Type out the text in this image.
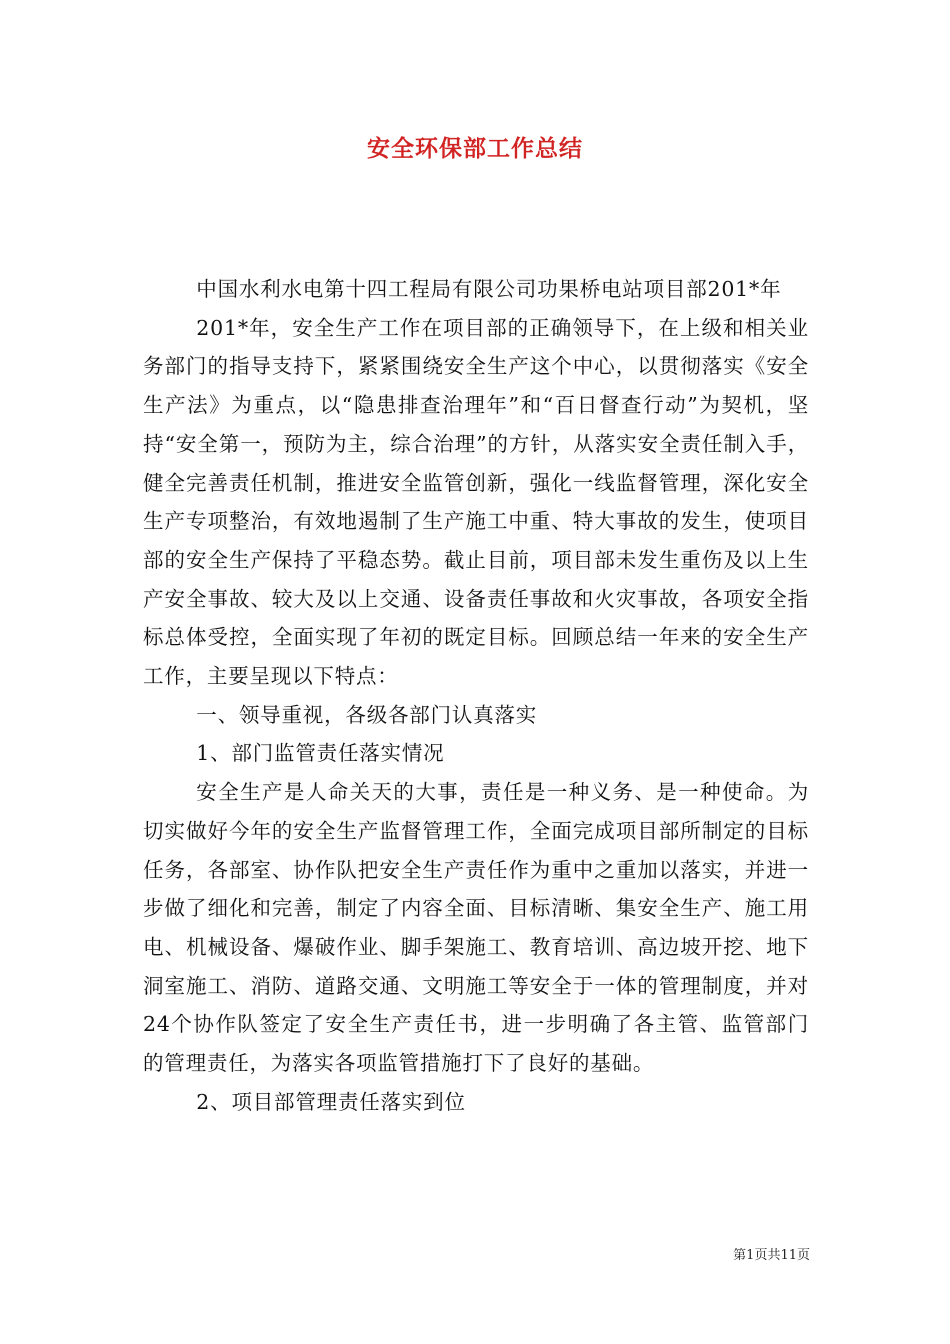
安全环保部工作总结

中国水利水电第十四工程局有限公司功果桥电站项目部201*年

201*年，安全生产工作在项目部的正确领导下，在上级和相关业务部门的指导支持下，紧紧围绕安全生产这个中心，以贯彻落实《安全生产法》为重点，以“隐患排查治理年”和“百日督查行动”为契机，坚持“安全第一，预防为主，综合治理”的方针，从落实安全责任制入手，健全完善责任机制，推进安全监管创新，强化一线监督管理，深化安全生产专项整治，有效地遏制了生产施工中重、特大事故的发生，使项目部的安全生产保持了平稳态势。截止目前，项目部未发生重伤及以上生产安全事故、较大及以上交通、设备责任事故和火灾事故，各项安全指标总体受控，全面实现了年初的既定目标。回顾总结一年来的安全生产工作，主要呈现以下特点：

一、领导重视，各级各部门认真落实

1、部门监管责任落实情况

安全生产是人命关天的大事，责任是一种义务、是一种使命。为切实做好今年的安全生产监督管理工作，全面完成项目部所制定的目标任务，各部室、协作队把安全生产责任作为重中之重加以落实，并进一步做了细化和完善，制定了内容全面、目标清晰、集安全生产、施工用电、机械设备、爆破作业、脚手架施工、教育培训、高边坡开挖、地下洞室施工、消防、道路交通、文明施工等安全于一体的管理制度，并对24个协作队签定了安全生产责任书，进一步明确了各主管、监管部门的管理责任，为落实各项监管措施打下了良好的基础。

2、项目部管理责任落实到位

第1页共11页
